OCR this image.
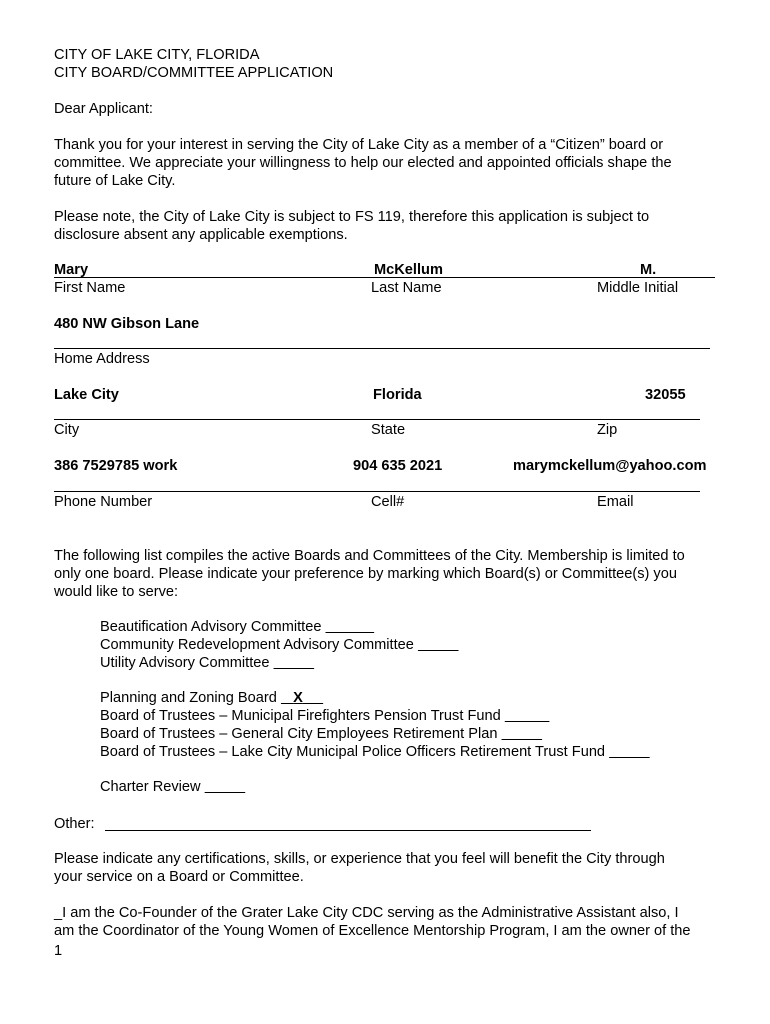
CITY OF LAKE CITY, FLORIDA
CITY BOARD/COMMITTEE APPLICATION
Dear Applicant:
Thank you for your interest in serving the City of Lake City as a member of a “Citizen” board or
committee. We appreciate your willingness to help our elected and appointed officials shape the
future of Lake City.
Please note, the City of Lake City is subject to FS 119, therefore this application is subject to
disclosure absent any applicable exemptions.
Mary	McKellum	M.
First Name	Last Name	Middle Initial
480 NW Gibson Lane
Home Address
Lake City	Florida	32055
City	State	Zip
386 7529785 work	904 635 2021	marymckellum@yahoo.com
Phone Number	Cell#	Email
The following list compiles the active Boards and Committees of the City. Membership is limited to
only one board. Please indicate your preference by marking which Board(s) or Committee(s) you
would like to serve:
Beautification Advisory Committee
Community Redevelopment Advisory Committee
Utility Advisory Committee
Planning and Zoning Board X
Board of Trustees – Municipal Firefighters Pension Trust Fund
Board of Trustees – General City Employees Retirement Plan
Board of Trustees – Lake City Municipal Police Officers Retirement Trust Fund
Charter Review
Other:
Please indicate any certifications, skills, or experience that you feel will benefit the City through
your service on a Board or Committee.
_I am the Co-Founder of the Grater Lake City CDC serving as the Administrative Assistant also, I
am the Coordinator of the Young Women of Excellence Mentorship Program, I am the owner of the
1
